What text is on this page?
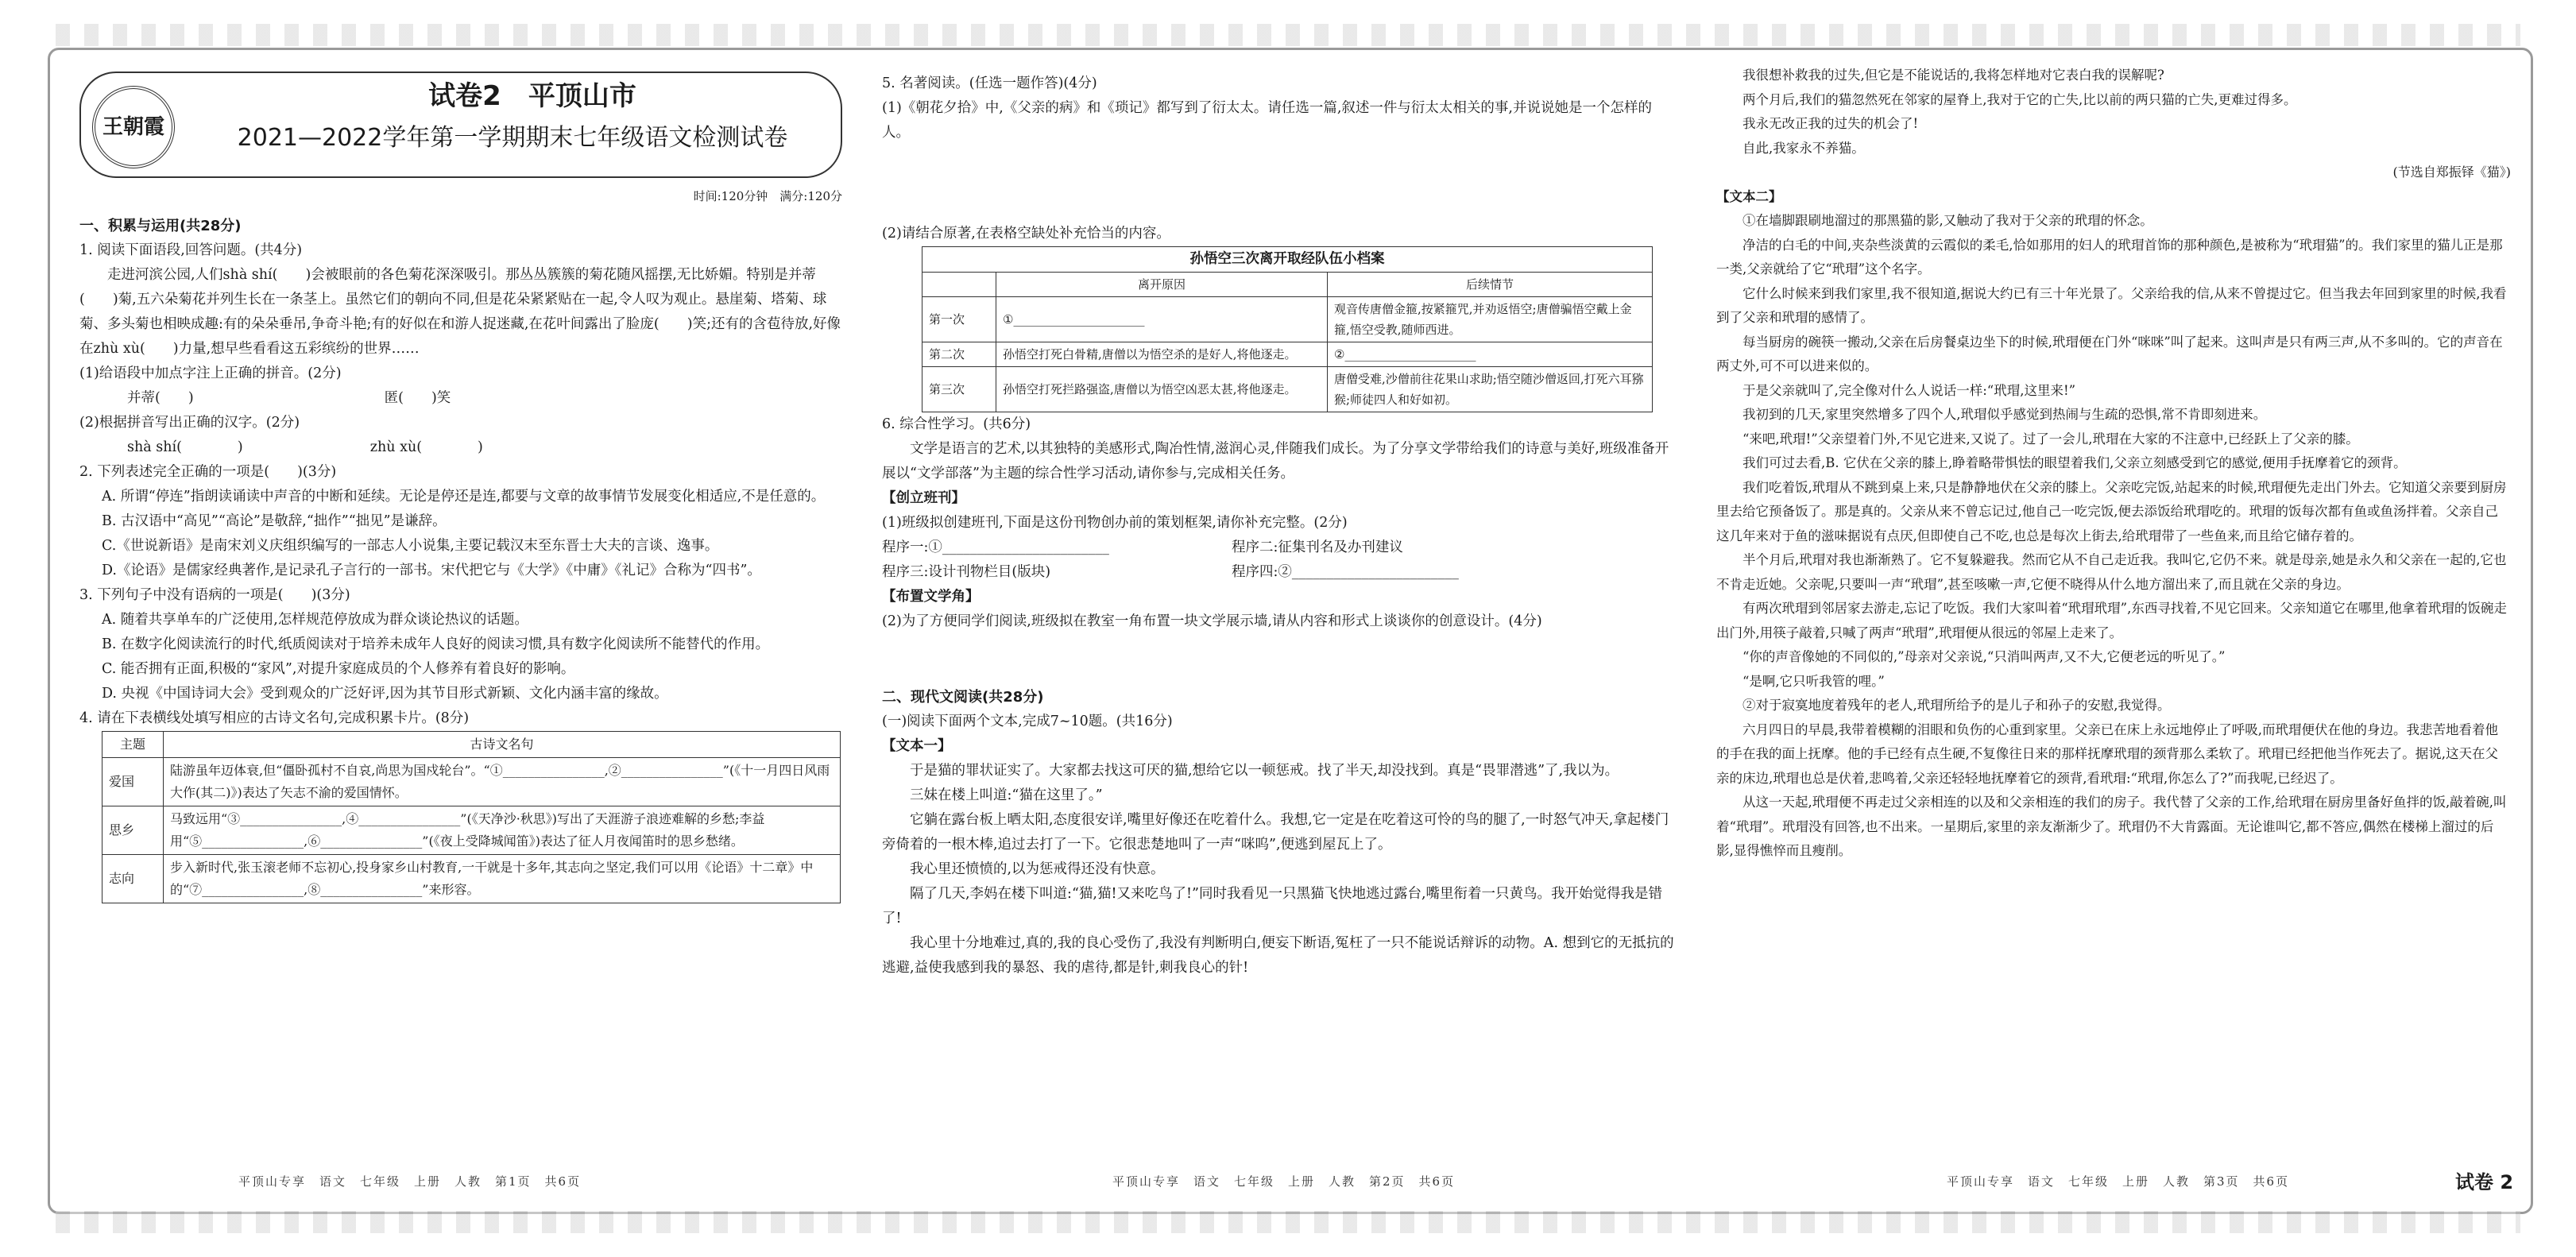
王朝霞
试卷2　平顶山市
2021—2022学年第一学期期末七年级语文检测试卷
时间:120分钟　满分:120分

一、积累与运用(共28分)

1. 阅读下面语段,回答问题。(共4分)

走进河滨公园,人们shà shí(　　)会被眼前的各色菊花深深吸引。那丛丛簇簇的菊花随风摇摆,无比娇媚。特别是并蒂(　　)菊,五六朵菊花并列生长在一条茎上。虽然它们的朝向不同,但是花朵紧紧贴在一起,令人叹为观止。悬崖菊、塔菊、球菊、多头菊也相映成趣:有的朵朵垂吊,争奇斗艳;有的好似在和游人捉迷藏,在花叶间露出了脸庞(　　)笑;还有的含苞待放,好像在zhù xù(　　)力量,想早些看看这五彩缤纷的世界……

(1)给语段中加点字注上正确的拼音。(2分)

并蒂(　　)	匿(　　)笑

(2)根据拼音写出正确的汉字。(2分)

shà shí(　　　　)	zhù xù(　　　　)

2. 下列表述完全正确的一项是(　　)(3分)

A. 所谓“停连”指朗读诵读中声音的中断和延续。无论是停还是连,都要与文章的故事情节发展变化相适应,不是任意的。

B. 古汉语中“高见”“高论”是敬辞,“拙作”“拙见”是谦辞。

C.《世说新语》是南宋刘义庆组织编写的一部志人小说集,主要记载汉末至东晋士大夫的言谈、逸事。

D.《论语》是儒家经典著作,是记录孔子言行的一部书。宋代把它与《大学》《中庸》《礼记》合称为“四书”。

3. 下列句子中没有语病的一项是(　　)(3分)

A. 随着共享单车的广泛使用,怎样规范停放成为群众谈论热议的话题。

B. 在数字化阅读流行的时代,纸质阅读对于培养未成年人良好的阅读习惯,具有数字化阅读所不能替代的作用。

C. 能否拥有正面,积极的“家风”,对提升家庭成员的个人修养有着良好的影响。

D. 央视《中国诗词大会》受到观众的广泛好评,因为其节目形式新颖、文化内涵丰富的缘故。

4. 请在下表横线处填写相应的古诗文名句,完成积累卡片。(8分)

主题	古诗文名句
爱国	陆游虽年迈体衰,但“僵卧孤村不自哀,尚思为国戍轮台”。“①________________,②________________”(《十一月四日风雨大作(其二)》)表达了矢志不渝的爱国情怀。
思乡	马致远用“③________________,④________________”(《天净沙·秋思》)写出了天涯游子浪迹难解的乡愁;李益用“⑤________________,⑥________________”(《夜上受降城闻笛》)表达了征人月夜闻笛时的思乡愁绪。
志向	步入新时代,张玉滚老师不忘初心,投身家乡山村教育,一干就是十多年,其志向之坚定,我们可以用《论语》十二章》中的“⑦________________,⑧________________”来形容。

5. 名著阅读。(任选一题作答)(4分)

(1)《朝花夕拾》中,《父亲的病》和《琐记》都写到了衍太太。请任选一篇,叙述一件与衍太太相关的事,并说说她是一个怎样的人。

(2)请结合原著,在表格空缺处补充恰当的内容。

孙悟空三次离开取经队伍小档案
	离开原因	后续情节
第一次	①______________________	观音传唐僧金箍,按紧箍咒,并劝返悟空;唐僧骗悟空戴上金箍,悟空受教,随师西进。
第二次	孙悟空打死白骨精,唐僧以为悟空杀的是好人,将他逐走。	②______________________
第三次	孙悟空打死拦路强盗,唐僧以为悟空凶恶太甚,将他逐走。	唐僧受难,沙僧前往花果山求助;悟空随沙僧返回,打死六耳猕猴;师徒四人和好如初。

6. 综合性学习。(共6分)

文学是语言的艺术,以其独特的美感形式,陶冶性情,滋润心灵,伴随我们成长。为了分享文学带给我们的诗意与美好,班级准备开展以“文学部落”为主题的综合性学习活动,请你参与,完成相关任务。

【创立班刊】

(1)班级拟创建班刊,下面是这份刊物创办前的策划框架,请你补充完整。(2分)

程序一:①________________________	程序二:征集刊名及办刊建议

程序三:设计刊物栏目(版块)	程序四:②________________________

【布置文学角】

(2)为了方便同学们阅读,班级拟在教室一角布置一块文学展示墙,请从内容和形式上谈谈你的创意设计。(4分)

二、现代文阅读(共28分)

(一)阅读下面两个文本,完成7~10题。(共16分)

【文本一】

于是猫的罪状证实了。大家都去找这可厌的猫,想给它以一顿惩戒。找了半天,却没找到。真是“畏罪潜逃”了,我以为。

三妹在楼上叫道:“猫在这里了。”

它躺在露台板上晒太阳,态度很安详,嘴里好像还在吃着什么。我想,它一定是在吃着这可怜的鸟的腿了,一时怒气冲天,拿起楼门旁倚着的一根木棒,追过去打了一下。它很悲楚地叫了一声“咪呜”,便逃到屋瓦上了。

我心里还愤愤的,以为惩戒得还没有快意。

隔了几天,李妈在楼下叫道:“猫,猫!又来吃鸟了!”同时我看见一只黑猫飞快地逃过露台,嘴里衔着一只黄鸟。我开始觉得我是错了!

我心里十分地难过,真的,我的良心受伤了,我没有判断明白,便妄下断语,冤枉了一只不能说话辩诉的动物。A. 想到它的无抵抗的逃避,益使我感到我的暴怒、我的虐待,都是针,刺我良心的针!

我很想补救我的过失,但它是不能说话的,我将怎样地对它表白我的误解呢?

两个月后,我们的猫忽然死在邻家的屋脊上,我对于它的亡失,比以前的两只猫的亡失,更难过得多。

我永无改正我的过失的机会了!

自此,我家永不养猫。

(节选自郑振铎《猫》)

【文本二】

①在墙脚跟刷地溜过的那黑猫的影,又触动了我对于父亲的玳瑁的怀念。

净洁的白毛的中间,夹杂些淡黄的云霞似的柔毛,恰如那用的妇人的玳瑁首饰的那种颜色,是被称为“玳瑁猫”的。我们家里的猫儿正是那一类,父亲就给了它“玳瑁”这个名字。

它什么时候来到我们家里,我不很知道,据说大约已有三十年光景了。父亲给我的信,从来不曾提过它。但当我去年回到家里的时候,我看到了父亲和玳瑁的感情了。

每当厨房的碗筷一搬动,父亲在后房餐桌边坐下的时候,玳瑁便在门外“咪咪”叫了起来。这叫声是只有两三声,从不多叫的。它的声音在两丈外,可不可以进来似的。

于是父亲就叫了,完全像对什么人说话一样:“玳瑁,这里来!”

我初到的几天,家里突然增多了四个人,玳瑁似乎感觉到热闹与生疏的恐惧,常不肯即刻进来。

“来吧,玳瑁!”父亲望着门外,不见它进来,又说了。过了一会儿,玳瑁在大家的不注意中,已经跃上了父亲的膝。

我们可过去看,B. 它伏在父亲的膝上,睁着略带惧怯的眼望着我们,父亲立刻感受到它的感觉,便用手抚摩着它的颈背。

我们吃着饭,玳瑁从不跳到桌上来,只是静静地伏在父亲的膝上。父亲吃完饭,站起来的时候,玳瑁便先走出门外去。它知道父亲要到厨房里去给它预备饭了。那是真的。父亲从来不曾忘记过,他自己一吃完饭,便去添饭给玳瑁吃的。玳瑁的饭每次都有鱼或鱼汤拌着。父亲自己这几年来对于鱼的滋味据说有点厌,但即使自己不吃,也总是每次上街去,给玳瑁带了一些鱼来,而且给它储存着的。

半个月后,玳瑁对我也渐渐熟了。它不复躲避我。然而它从不自己走近我。我叫它,它仍不来。就是母亲,她是永久和父亲在一起的,它也不肯走近她。父亲呢,只要叫一声“玳瑁”,甚至咳嗽一声,它便不晓得从什么地方溜出来了,而且就在父亲的身边。

有两次玳瑁到邻居家去游走,忘记了吃饭。我们大家叫着“玳瑁玳瑁”,东西寻找着,不见它回来。父亲知道它在哪里,他拿着玳瑁的饭碗走出门外,用筷子敲着,只喊了两声“玳瑁”,玳瑁便从很远的邻屋上走来了。

“你的声音像她的不同似的,”母亲对父亲说,“只消叫两声,又不大,它便老远的听见了。”

“是啊,它只听我管的哩。”

②对于寂寞地度着残年的老人,玳瑁所给予的是儿子和孙子的安慰,我觉得。

六月四日的早晨,我带着模糊的泪眼和负伤的心重到家里。父亲已在床上永远地停止了呼吸,而玳瑁便伏在他的身边。我悲苦地看着他的手在我的面上抚摩。他的手已经有点生硬,不复像往日来的那样抚摩玳瑁的颈背那么柔软了。玳瑁已经把他当作死去了。据说,这天在父亲的床边,玳瑁也总是伏着,悲鸣着,父亲还轻轻地抚摩着它的颈背,看玳瑁:“玳瑁,你怎么了?”而我呢,已经迟了。

从这一天起,玳瑁便不再走过父亲相连的以及和父亲相连的我们的房子。我代替了父亲的工作,给玳瑁在厨房里备好鱼拌的饭,敲着碗,叫着“玳瑁”。玳瑁没有回答,也不出来。一星期后,家里的亲友渐渐少了。玳瑁仍不大肯露面。无论谁叫它,都不答应,偶然在楼梯上溜过的后影,显得憔悴而且瘦削。

平顶山专享　语文　七年级　上册　人教　第1页　共6页	平顶山专享　语文　七年级　上册　人教　第2页　共6页	平顶山专享　语文　七年级　上册　人教　第3页　共6页	试卷 2
